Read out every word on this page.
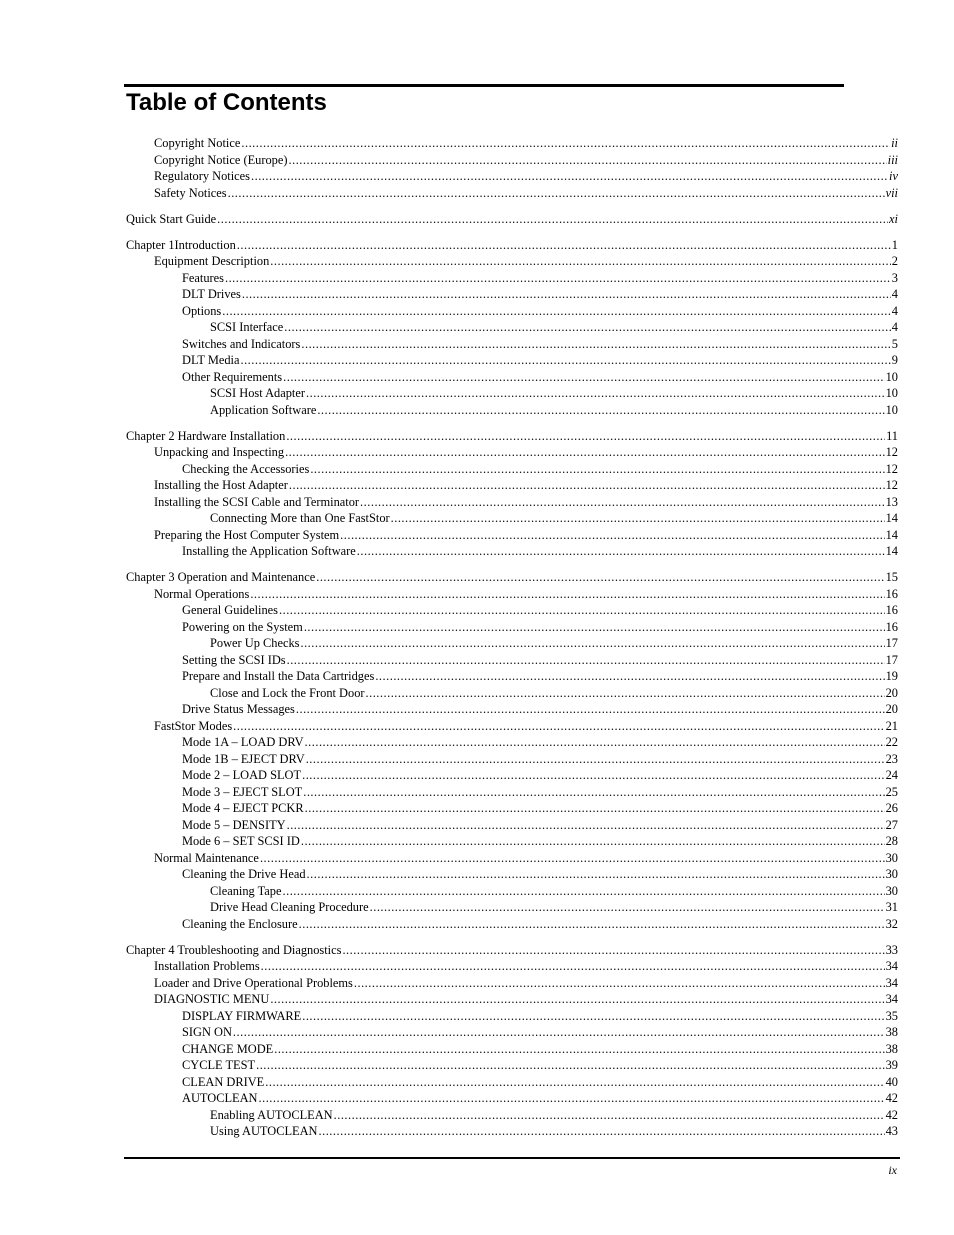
Table of Contents
Copyright Notice .....	ii
Copyright Notice (Europe) .....	iii
Regulatory Notices .....	iv
Safety Notices .....	vii
Quick Start Guide .....	xi
Chapter 1Introduction .....	1
Equipment Description .....	2
Features .....	3
DLT Drives .....	4
Options .....	4
SCSI Interface .....	4
Switches and Indicators .....	5
DLT Media .....	9
Other Requirements .....	10
SCSI Host Adapter .....	10
Application Software .....	10
Chapter 2 Hardware Installation .....	11
Unpacking and Inspecting .....	12
Checking the Accessories .....	12
Installing the Host Adapter .....	12
Installing the SCSI Cable and Terminator .....	13
Connecting More than One FastStor .....	14
Preparing the Host Computer System .....	14
Installing the Application Software .....	14
Chapter 3 Operation and Maintenance .....	15
Normal Operations .....	16
General Guidelines .....	16
Powering on the System .....	16
Power Up Checks .....	17
Setting the SCSI IDs .....	17
Prepare and Install the Data Cartridges .....	19
Close and Lock the Front Door .....	20
Drive Status Messages .....	20
FastStor Modes .....	21
Mode 1A – LOAD DRV .....	22
Mode 1B – EJECT DRV .....	23
Mode 2 – LOAD SLOT .....	24
Mode 3 – EJECT SLOT .....	25
Mode 4 – EJECT PCKR .....	26
Mode 5 – DENSITY .....	27
Mode 6 – SET SCSI ID .....	28
Normal Maintenance .....	30
Cleaning the Drive Head .....	30
Cleaning Tape .....	30
Drive Head Cleaning Procedure .....	31
Cleaning the Enclosure .....	32
Chapter 4 Troubleshooting and Diagnostics .....	33
Installation Problems .....	34
Loader and Drive Operational Problems .....	34
DIAGNOSTIC MENU .....	34
DISPLAY FIRMWARE .....	35
SIGN ON .....	38
CHANGE MODE .....	38
CYCLE TEST .....	39
CLEAN DRIVE .....	40
AUTOCLEAN .....	42
Enabling AUTOCLEAN .....	42
Using AUTOCLEAN .....	43
ix
